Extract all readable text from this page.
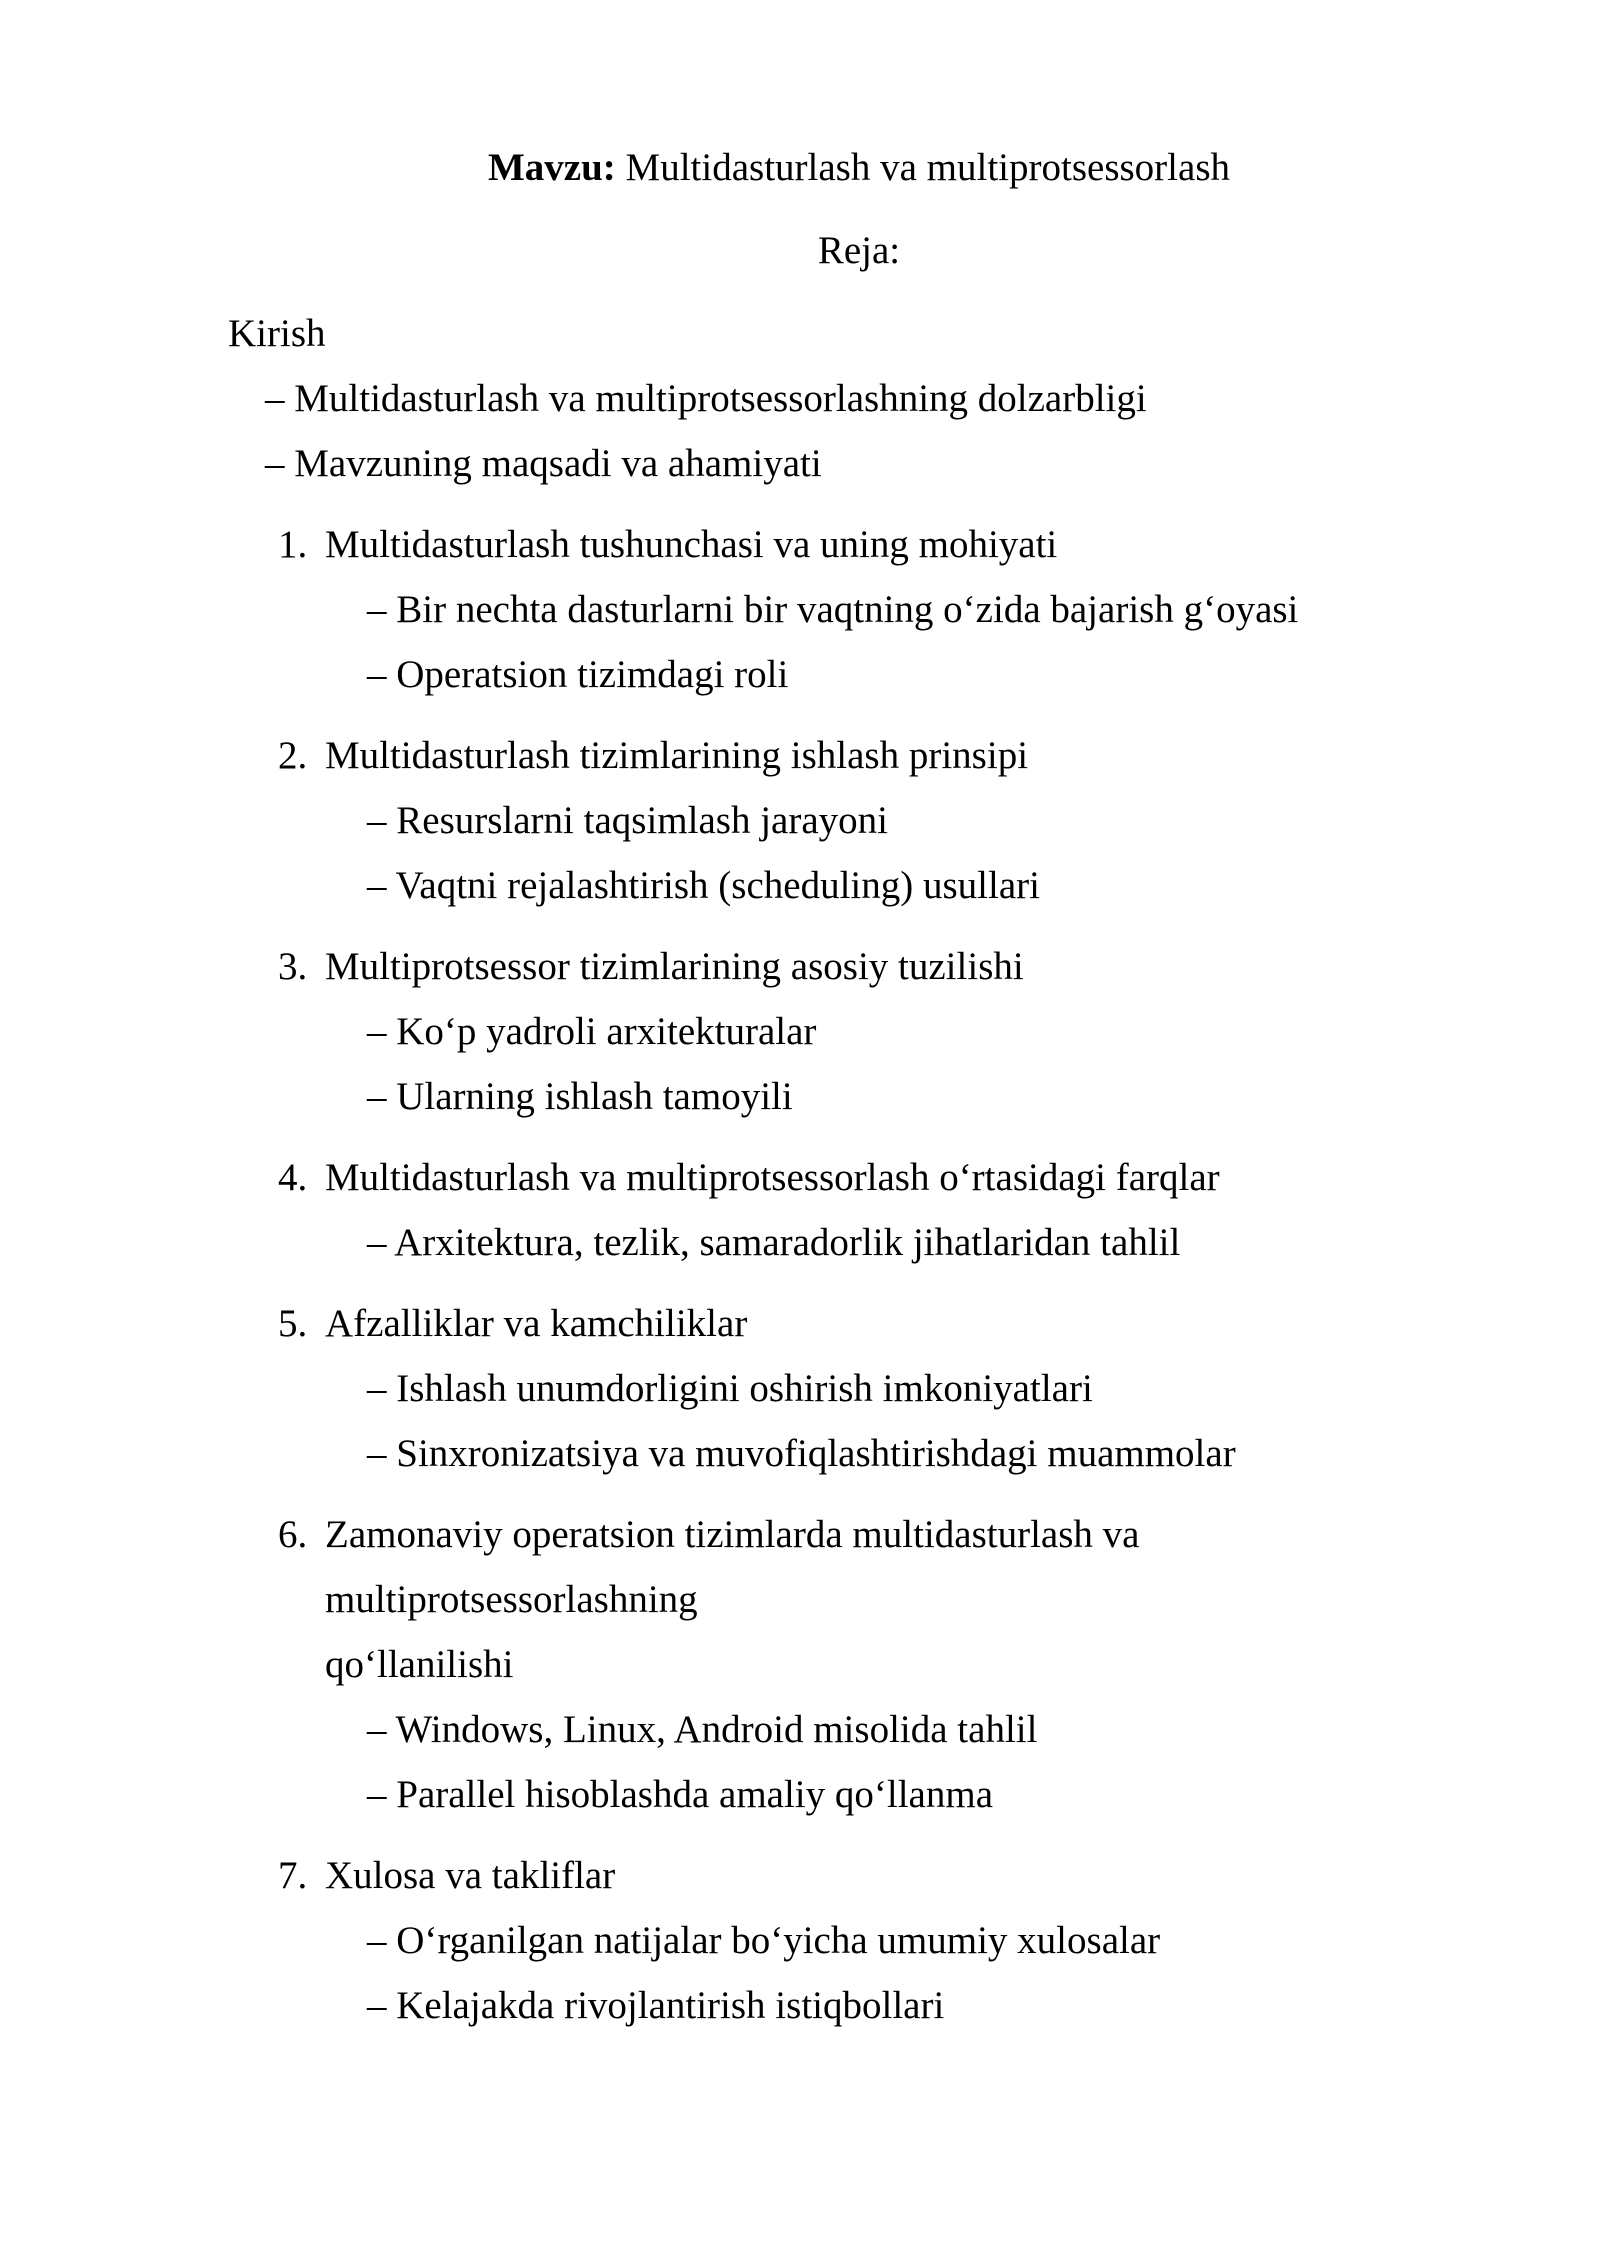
Mavzu: Multidasturlash va multiprotsessorlash

Reja:

Kirish

– Multidasturlash va multiprotsessorlashning dolzarbligi
– Mavzuning maqsadi va ahamiyati
1. Multidasturlash tushunchasi va uning mohiyati
– Bir nechta dasturlarni bir vaqtning o‘zida bajarish g‘oyasi
– Operatsion tizimdagi roli
2. Multidasturlash tizimlarining ishlash prinsipi
– Resurslarni taqsimlash jarayoni
– Vaqtni rejalashtirish (scheduling) usullari
3. Multiprotsessor tizimlarining asosiy tuzilishi
– Ko‘p yadroli arxitekturalar
– Ularning ishlash tamoyili
4. Multidasturlash va multiprotsessorlash o‘rtasidagi farqlar
– Arxitektura, tezlik, samaradorlik jihatlaridan tahlil
5. Afzalliklar va kamchiliklar
– Ishlash unumdorligini oshirish imkoniyatlari
– Sinxronizatsiya va muvofiqlashtirishdagi muammolar
6. Zamonaviy operatsion tizimlarda multidasturlash va multiprotsessorlashning
qo‘llanilishi
– Windows, Linux, Android misolida tahlil
– Parallel hisoblashda amaliy qo‘llanma
7. Xulosa va takliflar
– O‘rganilgan natijalar bo‘yicha umumiy xulosalar
– Kelajakda rivojlantirish istiqbollari
